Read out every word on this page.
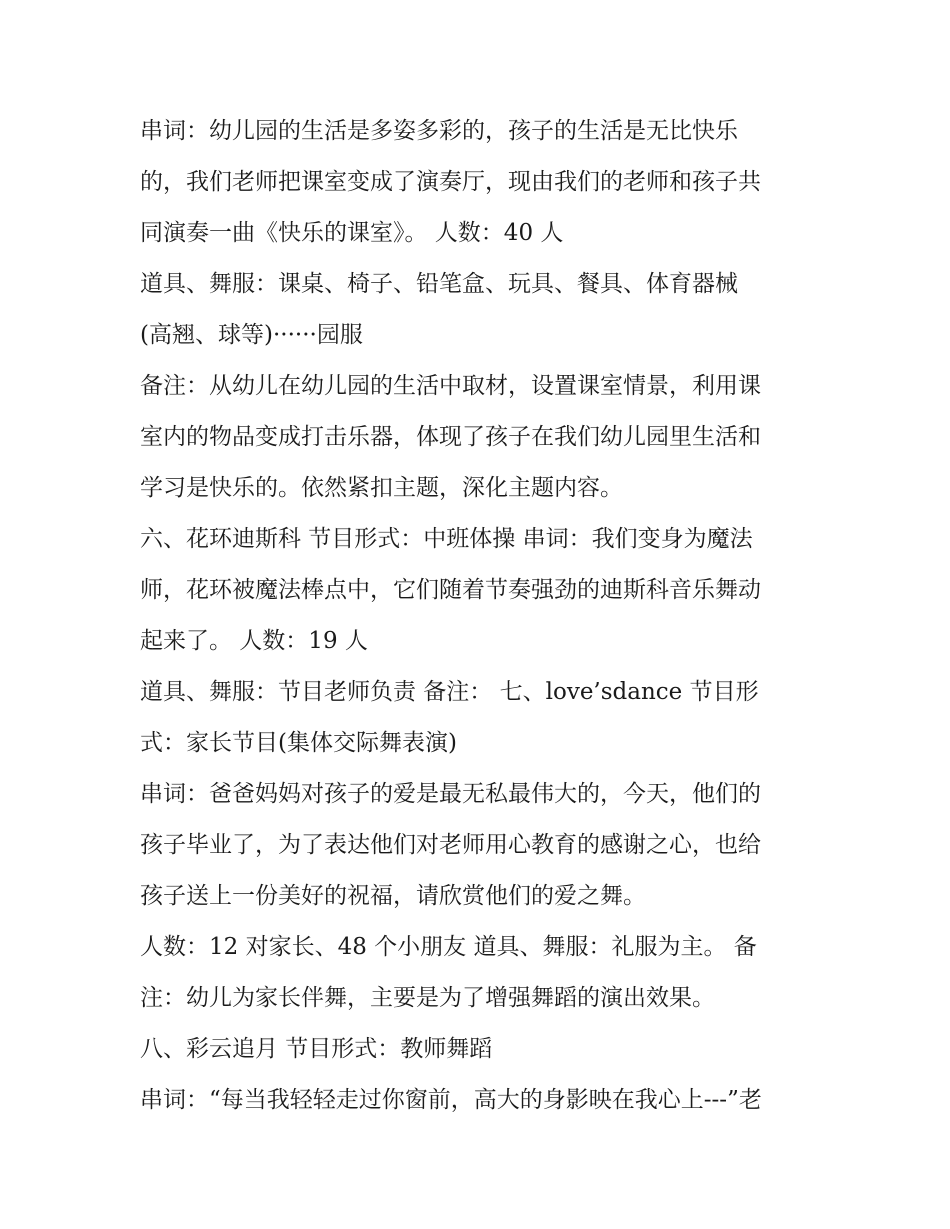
串词：幼儿园的生活是多姿多彩的，孩子的生活是无比快乐
的，我们老师把课室变成了演奏厅，现由我们的老师和孩子共
同演奏一曲《快乐的课室》。 人数：40 人
道具、舞服：课桌、椅子、铅笔盒、玩具、餐具、体育器械
(高翘、球等)······园服
备注：从幼儿在幼儿园的生活中取材，设置课室情景，利用课
室内的物品变成打击乐器，体现了孩子在我们幼儿园里生活和
学习是快乐的。依然紧扣主题，深化主题内容。
六、花环迪斯科 节目形式：中班体操 串词：我们变身为魔法
师，花环被魔法棒点中，它们随着节奏强劲的迪斯科音乐舞动
起来了。 人数：19 人
道具、舞服：节目老师负责 备注： 七、love’sdance 节目形
式：家长节目(集体交际舞表演)
串词：爸爸妈妈对孩子的爱是最无私最伟大的，今天，他们的
孩子毕业了，为了表达他们对老师用心教育的感谢之心，也给
孩子送上一份美好的祝福，请欣赏他们的爱之舞。
人数：12 对家长、48 个小朋友 道具、舞服：礼服为主。 备
注：幼儿为家长伴舞，主要是为了增强舞蹈的演出效果。
八、彩云追月 节目形式：教师舞蹈
串词：“每当我轻轻走过你窗前，高大的身影映在我心上---”老
